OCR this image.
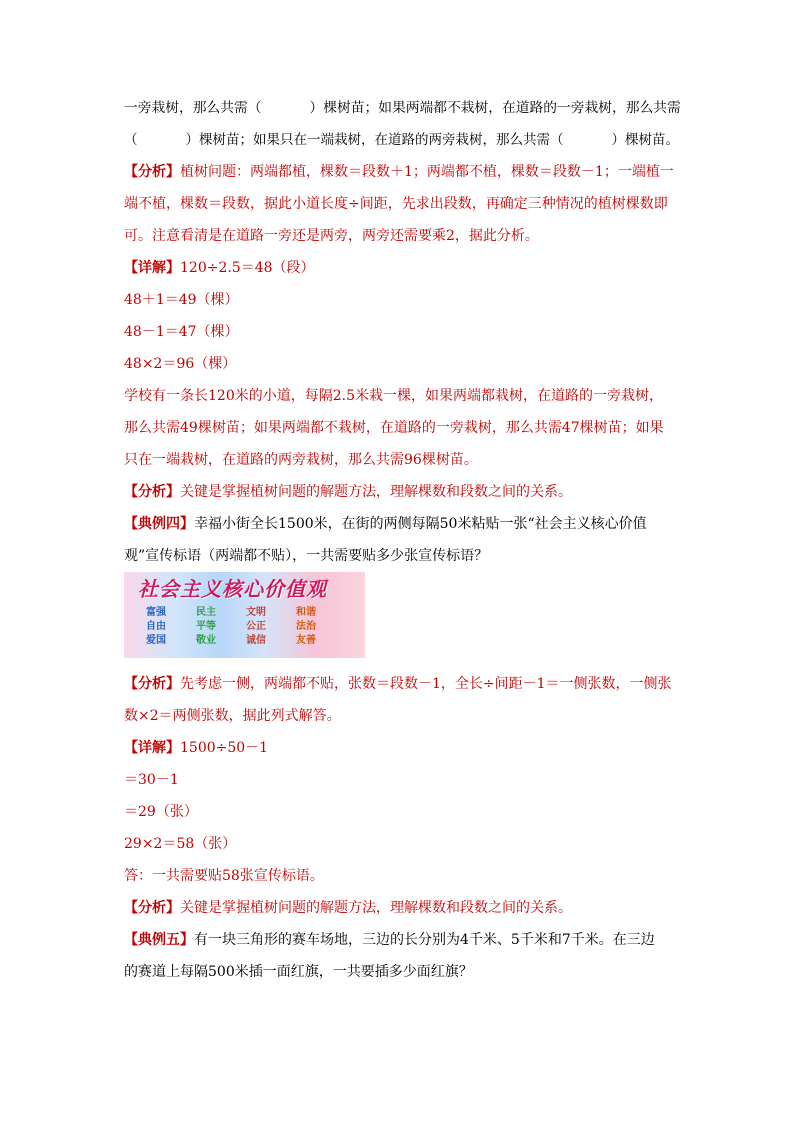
一旁栽树，那么共需（	）棵树苗；如果两端都不栽树，在道路的一旁栽树，那么共需
（	）棵树苗；如果只在一端栽树，在道路的两旁栽树，那么共需（	）棵树苗。
【分析】植树问题：两端都植，棵数＝段数＋1；两端都不植，棵数＝段数－1；一端植一
端不植，棵数＝段数，据此小道长度÷间距，先求出段数，再确定三种情况的植树棵数即
可。注意看清是在道路一旁还是两旁，两旁还需要乘2，据此分析。
【详解】120÷2.5＝48（段）
48＋1＝49（棵）
48－1＝47（棵）
48×2＝96（棵）
学校有一条长120米的小道，每隔2.5米栽一棵，如果两端都栽树，在道路的一旁栽树，
那么共需49棵树苗；如果两端都不栽树，在道路的一旁栽树，那么共需47棵树苗；如果
只在一端栽树，在道路的两旁栽树，那么共需96棵树苗。
【分析】关键是掌握植树问题的解题方法，理解棵数和段数之间的关系。
【典例四】幸福小街全长1500米，在街的两侧每隔50米粘贴一张“社会主义核心价值
观”宣传标语（两端都不贴），一共需要贴多少张宣传标语？
社会主义核心价值观
富强	民主	文明	和谐
自由	平等	公正	法治
爱国	敬业	诚信	友善
【分析】先考虑一侧，两端都不贴，张数＝段数－1，全长÷间距－1＝一侧张数，一侧张
数×2＝两侧张数，据此列式解答。
【详解】1500÷50－1
＝30－1
＝29（张）
29×2＝58（张）
答：一共需要贴58张宣传标语。
【分析】关键是掌握植树问题的解题方法，理解棵数和段数之间的关系。
【典例五】有一块三角形的赛车场地，三边的长分别为4千米、5千米和7千米。在三边
的赛道上每隔500米插一面红旗，一共要插多少面红旗？
